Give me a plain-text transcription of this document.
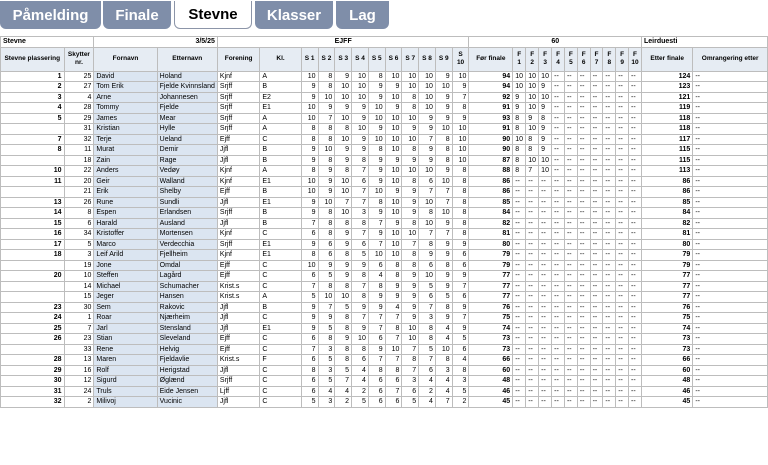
Påmelding	Finale	Stevne	Klasser	Lag
Stevne		3/5/25		EJFF												60											Leirduesti	
Stevne plassering	Skytter nr.	Fornavn	Etternavn	Forening	Kl.	S 1	S 2	S 3	S 4	S 5	S 6	S 7	S 8	S 9	S 10	Før finale	F 1	F 2	F 3	F 4	F 5	F 6	F 7	F 8	F 9	F 10	Etter finale	Omrangering etter
1	25	David	Holand	Kjnf	A	10	8	9	10	8	10	10	10	9	10	94	10	10	10	--	--	--	--	--	--	--	124	--
2	27	Tom Erik	Fjelde Kvinnsland	Srjff	B	9	8	10	10	9	9	10	10	10	9	94	10	10	9	--	--	--	--	--	--	--	123	--
3	4	Arne	Johannesen	Srjff	E2	9	10	10	10	9	10	8	10	9	7	92	9	10	10	--	--	--	--	--	--	--	121	--
4	28	Tommy	Fjelde	Srjff	E1	10	9	9	9	10	9	8	10	9	8	91	9	10	9	--	--	--	--	--	--	--	119	--
5	29	James	Mear	Srjff	A	10	7	10	9	10	10	10	9	9	9	93	8	9	8	--	--	--	--	--	--	--	118	--
	31	Kristian	Hylle	Srjff	A	8	8	8	10	9	10	9	9	10	10	91	8	10	9	--	--	--	--	--	--	--	118	--
7	32	Terje	Ueland	Ejff	C	8	8	10	9	10	10	10	7	8	10	90	10	8	9	--	--	--	--	--	--	--	117	--
8	11	Murat	Demir	Jjfl	B	9	10	9	9	8	10	8	9	8	10	90	8	8	9	--	--	--	--	--	--	--	115	--
	18	Zain	Rage	Jjfl	B	9	8	9	8	9	9	9	9	8	10	87	8	10	10	--	--	--	--	--	--	--	115	--
10	22	Anders	Vedøy	Kjnf	A	8	9	8	7	9	10	10	10	9	8	88	8	7	10	--	--	--	--	--	--	--	113	--
11	20	Geir	Walland	Kjnf	E1	10	9	10	6	9	10	8	6	10	8	86	--	--	--	--	--	--	--	--	--	--	86	--
	21	Erik	Shelby	Ejff	B	10	9	10	7	10	9	9	7	7	8	86	--	--	--	--	--	--	--	--	--	--	86	--
13	26	Rune	Sundli	Jjfl	E1	9	10	7	7	8	10	9	10	7	8	85	--	--	--	--	--	--	--	--	--	--	85	--
14	8	Espen	Erlandsen	Srjff	B	9	8	10	3	9	10	9	8	10	8	84	--	--	--	--	--	--	--	--	--	--	84	--
15	6	Harald	Ausland	Jjfl	B	7	8	8	8	7	9	8	10	9	8	82	--	--	--	--	--	--	--	--	--	--	82	--
16	34	Kristoffer	Mortensen	Kjnf	C	6	8	9	7	9	10	10	7	7	8	81	--	--	--	--	--	--	--	--	--	--	81	--
17	5	Marco	Verdecchia	Srjff	E1	9	6	9	6	7	10	7	8	9	9	80	--	--	--	--	--	--	--	--	--	--	80	--
18	3	Leif Arild	Fjellheim	Kjnf	E1	8	6	8	5	10	10	8	9	9	6	79	--	--	--	--	--	--	--	--	--	--	79	--
	19	Jone	Omdal	Ejff	C	10	9	9	9	6	8	8	6	8	6	79	--	--	--	--	--	--	--	--	--	--	79	--
20	10	Steffen	Lagård	Ejff	C	6	5	9	8	4	8	9	10	9	9	77	--	--	--	--	--	--	--	--	--	--	77	--
	14	Michael	Schumacher	Krist.s	C	7	8	8	7	8	9	9	5	9	7	77	--	--	--	--	--	--	--	--	--	--	77	--
	15	Jeger	Hansen	Krist.s	A	5	10	10	8	9	9	9	6	5	6	77	--	--	--	--	--	--	--	--	--	--	77	--
23	30	Sem	Rakovic	Jjfl	B	9	7	5	9	9	4	9	7	8	9	76	--	--	--	--	--	--	--	--	--	--	76	--
24	1	Roar	Njærheim	Jjfl	C	9	9	8	7	7	7	9	3	9	7	75	--	--	--	--	--	--	--	--	--	--	75	--
25	7	Jarl	Stensland	Jjfl	E1	9	5	8	9	7	8	10	8	4	9	74	--	--	--	--	--	--	--	--	--	--	74	--
26	23	Stian	Sleveland	Ejff	C	6	8	9	10	6	7	10	8	4	5	73	--	--	--	--	--	--	--	--	--	--	73	--
	33	Rene	Helvig	Ejff	C	7	3	8	8	9	10	7	5	10	6	73	--	--	--	--	--	--	--	--	--	--	73	--
28	13	Maren	Fjeldavlie	Krist.s	F	6	5	8	6	7	7	8	7	8	4	66	--	--	--	--	--	--	--	--	--	--	66	--
29	16	Rolf	Herigstad	Jjfl	C	8	3	5	4	8	8	7	6	3	8	60	--	--	--	--	--	--	--	--	--	--	60	--
30	12	Sigurd	Øglænd	Srjff	C	6	5	7	4	6	6	3	4	4	3	48	--	--	--	--	--	--	--	--	--	--	48	--
31	24	Truls	Eide Jensen	Ljff	C	6	4	4	2	6	7	6	2	4	5	46	--	--	--	--	--	--	--	--	--	--	46	--
32	2	Milivoj	Vucinic	Jjfl	C	5	3	2	5	6	6	5	4	7	2	45	--	--	--	--	--	--	--	--	--	--	45	--
